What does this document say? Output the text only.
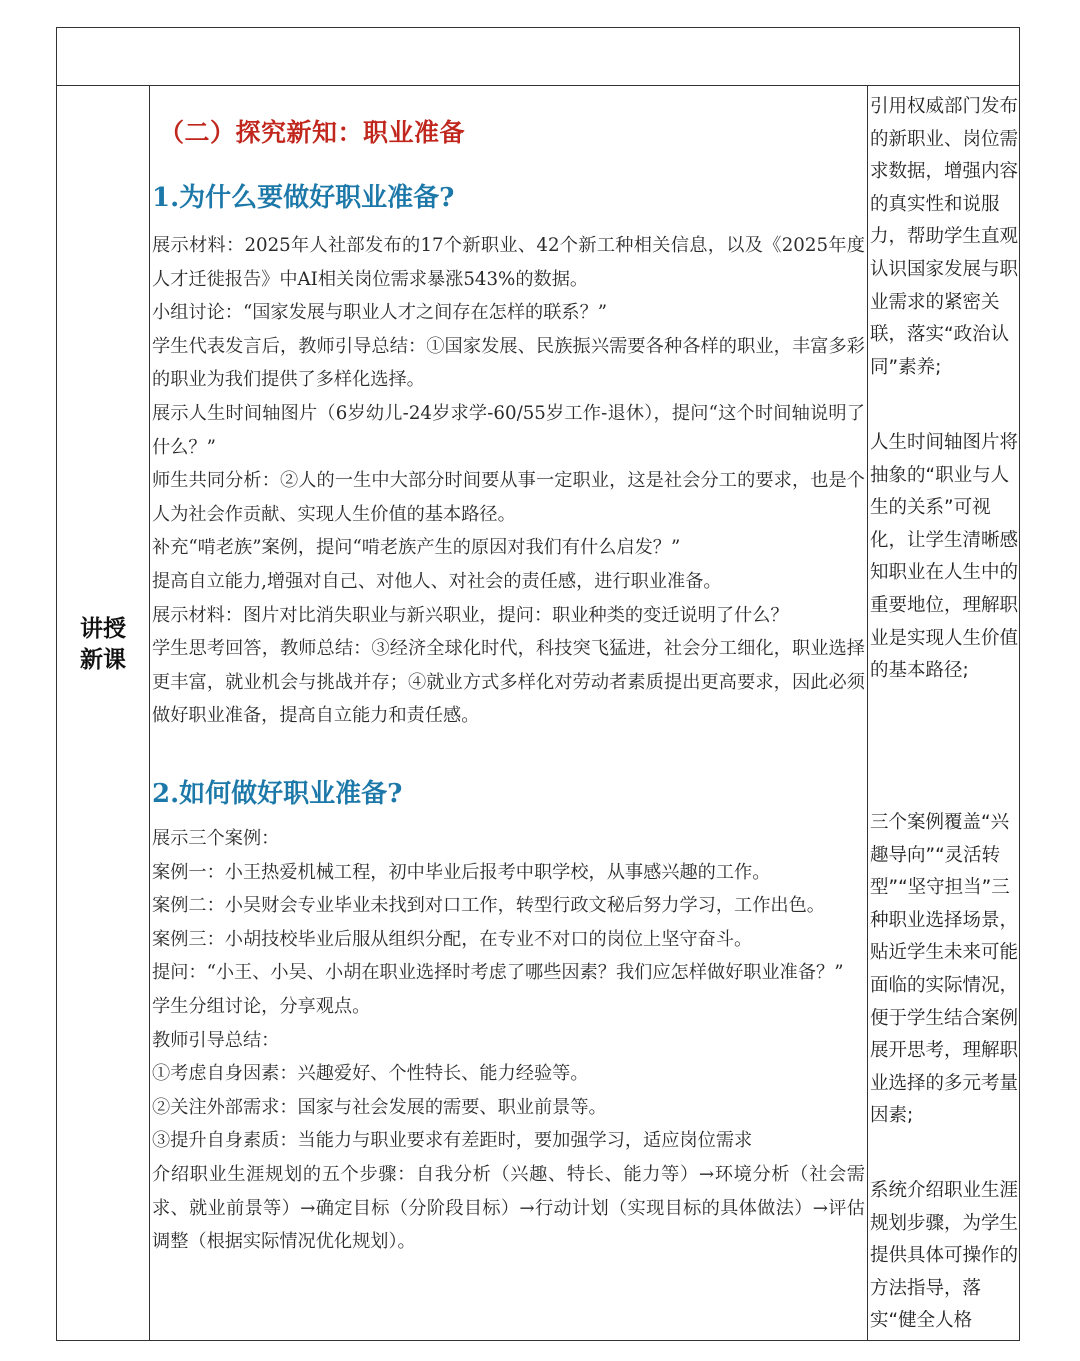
讲授
新课
（二）探究新知：职业准备
1.为什么要做好职业准备?

展示材料：2025年人社部发布的17个新职业、42个新工种相关信息，以及《2025年度人才迁徙报告》中AI相关岗位需求暴涨543%的数据。

小组讨论：“国家发展与职业人才之间存在怎样的联系？”

学生代表发言后，教师引导总结：①国家发展、民族振兴需要各种各样的职业，丰富多彩的职业为我们提供了多样化选择。

展示人生时间轴图片（6岁幼儿-24岁求学-60/55岁工作-退休），提问“这个时间轴说明了什么？”

师生共同分析：②人的一生中大部分时间要从事一定职业，这是社会分工的要求，也是个人为社会作贡献、实现人生价值的基本路径。

补充“啃老族”案例，提问“啃老族产生的原因对我们有什么启发？”

提高自立能力,增强对自己、对他人、对社会的责任感，进行职业准备。

展示材料：图片对比消失职业与新兴职业，提问：职业种类的变迁说明了什么？

学生思考回答，教师总结：③经济全球化时代，科技突飞猛进，社会分工细化，职业选择更丰富，就业机会与挑战并存；④就业方式多样化对劳动者素质提出更高要求，因此必须做好职业准备，提高自立能力和责任感。

2.如何做好职业准备?

展示三个案例：

案例一：小王热爱机械工程，初中毕业后报考中职学校，从事感兴趣的工作。

案例二：小吴财会专业毕业未找到对口工作，转型行政文秘后努力学习，工作出色。

案例三：小胡技校毕业后服从组织分配，在专业不对口的岗位上坚守奋斗。

提问：“小王、小吴、小胡在职业选择时考虑了哪些因素？我们应怎样做好职业准备？”

学生分组讨论，分享观点。

教师引导总结：

①考虑自身因素：兴趣爱好、个性特长、能力经验等。

②关注外部需求：国家与社会发展的需要、职业前景等。

③提升自身素质：当能力与职业要求有差距时，要加强学习，适应岗位需求

介绍职业生涯规划的五个步骤：自我分析（兴趣、特长、能力等）→环境分析（社会需求、就业前景等）→确定目标（分阶段目标）→行动计划（实现目标的具体做法）→评估调整（根据实际情况优化规划）。

引用权威部门发布的新职业、岗位需求数据，增强内容的真实性和说服力，帮助学生直观认识国家发展与职业需求的紧密关联，落实“政治认同”素养;

人生时间轴图片将抽象的“职业与人生的关系”可视化，让学生清晰感知职业在人生中的重要地位，理解职业是实现人生价值的基本路径;

三个案例覆盖“兴趣导向”“灵活转型”“坚守担当”三种职业选择场景，贴近学生未来可能面临的实际情况，便于学生结合案例展开思考，理解职业选择的多元考量因素;

系统介绍职业生涯规划步骤，为学生提供具体可操作的方法指导，落实“健全人格
